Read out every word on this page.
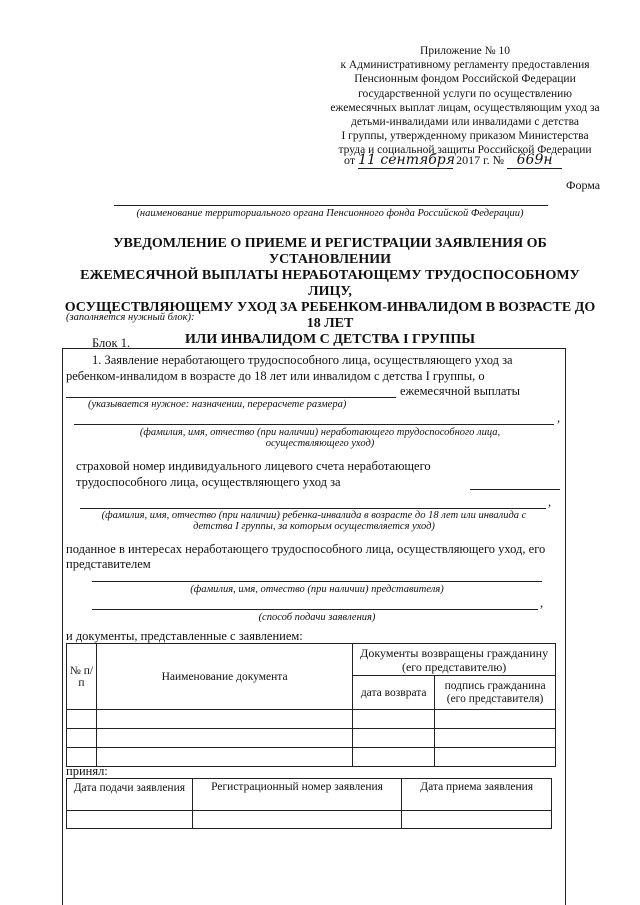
Приложение № 10
к Административному регламенту предоставления
Пенсионным фондом Российской Федерации
государственной услуги по осуществлению
ежемесячных выплат лицам, осуществляющим уход за
детьми-инвалидами или инвалидами с детства
I группы, утвержденному приказом Министерства
труда и социальной защиты Российской Федерации
от 11 сентября 2017 г. № 669н
Форма
(наименование территориального органа Пенсионного фонда Российской Федерации)
УВЕДОМЛЕНИЕ О ПРИЕМЕ И РЕГИСТРАЦИИ ЗАЯВЛЕНИЯ ОБ УСТАНОВЛЕНИИ
ЕЖЕМЕСЯЧНОЙ ВЫПЛАТЫ НЕРАБОТАЮЩЕМУ ТРУДОСПОСОБНОМУ ЛИЦУ,
ОСУЩЕСТВЛЯЮЩЕМУ УХОД ЗА РЕБЕНКОМ-ИНВАЛИДОМ В ВОЗРАСТЕ ДО 18 ЛЕТ
ИЛИ ИНВАЛИДОМ С ДЕТСТВА I ГРУППЫ
(заполняется нужный блок):
Блок 1.
1. Заявление неработающего трудоспособного лица, осуществляющего уход за
ребенком-инвалидом в возрасте до 18 лет или инвалидом с детства I группы, о
ежемесячной выплаты
(указывается нужное: назначении, перерасчете размера)
,
(фамилия, имя, отчество (при наличии) неработающего трудоспособного лица,
осуществляющего уход)
страховой номер индивидуального лицевого счета неработающего
трудоспособного лица, осуществляющего уход за
,
(фамилия, имя, отчество (при наличии) ребенка-инвалида в возрасте до 18 лет или инвалида с
детства I группы, за которым осуществляется уход)
поданное в интересах неработающего трудоспособного лица, осуществляющего уход, его
представителем
(фамилия, имя, отчество (при наличии) представителя)
,
(способ подачи заявления)
и документы, представленные с заявлением:
№ п/п	Наименование документа	Документы возвращены гражданину (его представителю)	
		дата возврата	подпись гражданина (его представителя)

принял:
Дата подачи заявления	Регистрационный номер заявления	Дата приема заявления
